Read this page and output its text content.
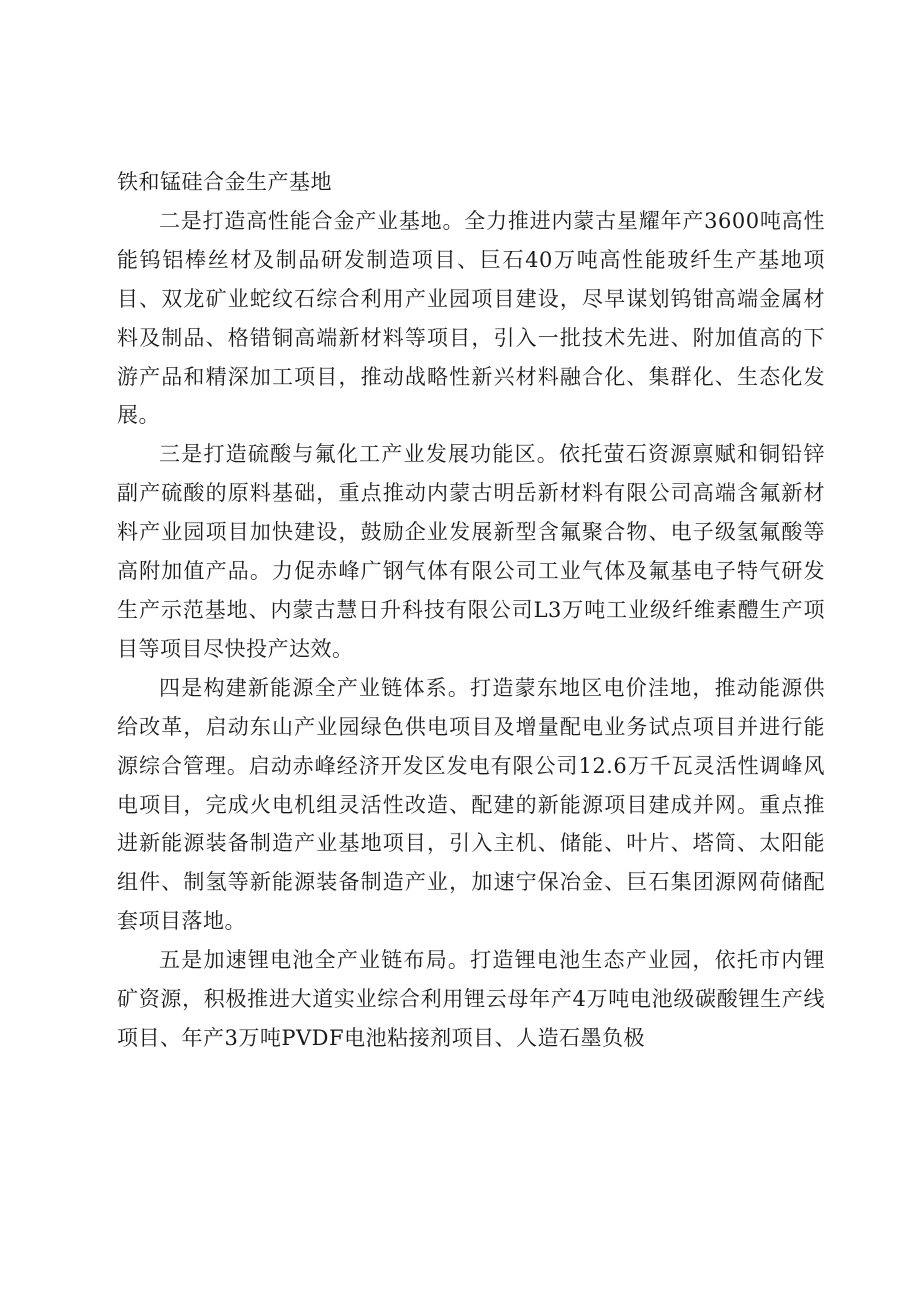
铁和锰硅合金生产基地

二是打造高性能合金产业基地。全力推进内蒙古星耀年产3600吨高性能钨铝棒丝材及制品研发制造项目、巨石40万吨高性能玻纤生产基地项目、双龙矿业蛇纹石综合利用产业园项目建设，尽早谋划钨钳高端金属材料及制品、格错铜高端新材料等项目，引入一批技术先进、附加值高的下游产品和精深加工项目，推动战略性新兴材料融合化、集群化、生态化发展。

三是打造硫酸与氟化工产业发展功能区。依托萤石资源禀赋和铜铅锌副产硫酸的原料基础，重点推动内蒙古明岳新材料有限公司高端含氟新材料产业园项目加快建设，鼓励企业发展新型含氟聚合物、电子级氢氟酸等高附加值产品。力促赤峰广钢气体有限公司工业气体及氟基电子特气研发生产示范基地、内蒙古慧日升科技有限公司L3万吨工业级纤维素醴生产项目等项目尽快投产达效。

四是构建新能源全产业链体系。打造蒙东地区电价洼地，推动能源供给改革，启动东山产业园绿色供电项目及增量配电业务试点项目并进行能源综合管理。启动赤峰经济开发区发电有限公司12.6万千瓦灵活性调峰风电项目，完成火电机组灵活性改造、配建的新能源项目建成并网。重点推进新能源装备制造产业基地项目，引入主机、储能、叶片、塔筒、太阳能组件、制氢等新能源装备制造产业，加速宁保冶金、巨石集团源网荷储配套项目落地。

五是加速锂电池全产业链布局。打造锂电池生态产业园，依托市内锂矿资源，积极推进大道实业综合利用锂云母年产4万吨电池级碳酸锂生产线项目、年产3万吨PVDF电池粘接剂项目、人造石墨负极
